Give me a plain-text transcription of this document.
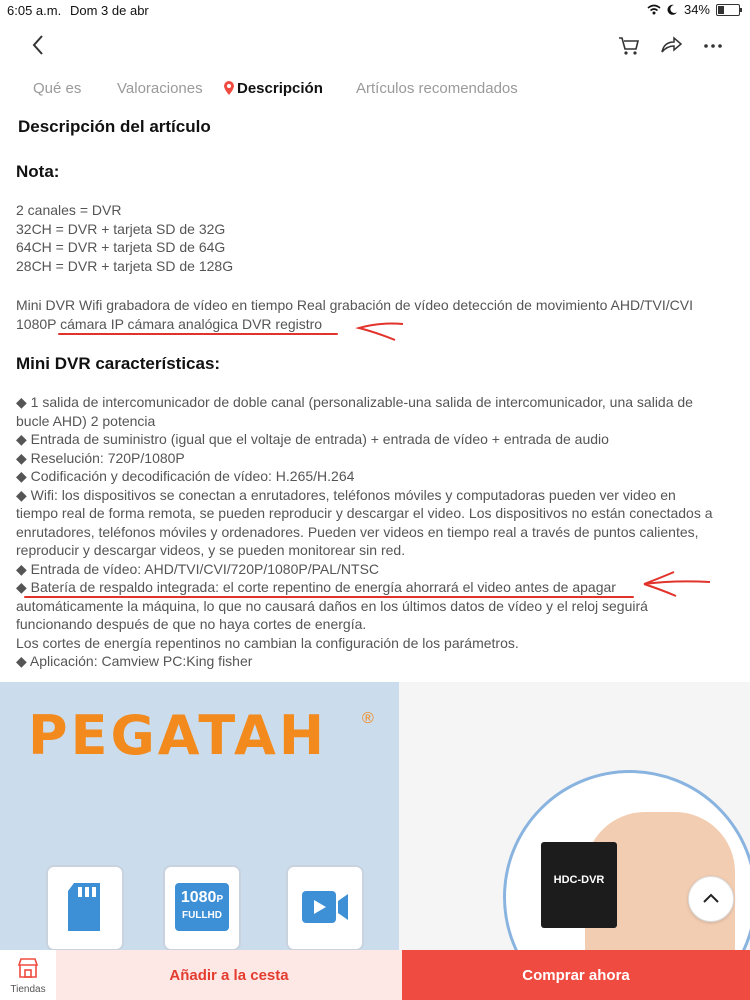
6:05 a.m. Dom 3 de abr	34%
Qué es Valoraciones Descripción Artículos recomendados
Descripción del artículo
Nota:
2 canales = DVR
32CH = DVR + tarjeta SD de 32G
64CH = DVR + tarjeta SD de 64G
28CH = DVR + tarjeta SD de 128G
Mini DVR Wifi grabadora de vídeo en tiempo Real grabación de vídeo detección de movimiento AHD/TVI/CVI
1080P cámara IP cámara analógica DVR registro
Mini DVR características:
◆ 1 salida de intercomunicador de doble canal (personalizable-una salida de intercomunicador, una salida de
bucle AHD) 2 potencia
◆ Entrada de suministro (igual que el voltaje de entrada) + entrada de vídeo + entrada de audio
◆ Reselución: 720P/1080P
◆ Codificación y decodificación de vídeo: H.265/H.264
◆ Wifi: los dispositivos se conectan a enrutadores, teléfonos móviles y computadoras pueden ver video en
tiempo real de forma remota, se pueden reproducir y descargar el video. Los dispositivos no están conectados a
enrutadores, teléfonos móviles y ordenadores. Pueden ver videos en tiempo real a través de puntos calientes,
reproducir y descargar videos, y se pueden monitorear sin red.
◆ Entrada de vídeo: AHD/TVI/CVI/720P/1080P/PAL/NTSC
◆ Batería de respaldo integrada: el corte repentino de energía ahorrará el video antes de apagar
automáticamente la máquina, lo que no causará daños en los últimos datos de vídeo y el reloj seguirá
funcionando después de que no haya cortes de energía.
Los cortes de energía repentinos no cambian la configuración de los parámetros.
◆ Aplicación: Camview PC:King fisher
PEGATAH ®
1080P
FULLHD
HDC-DVR
Tiendas
Añadir a la cesta	Comprar ahora
